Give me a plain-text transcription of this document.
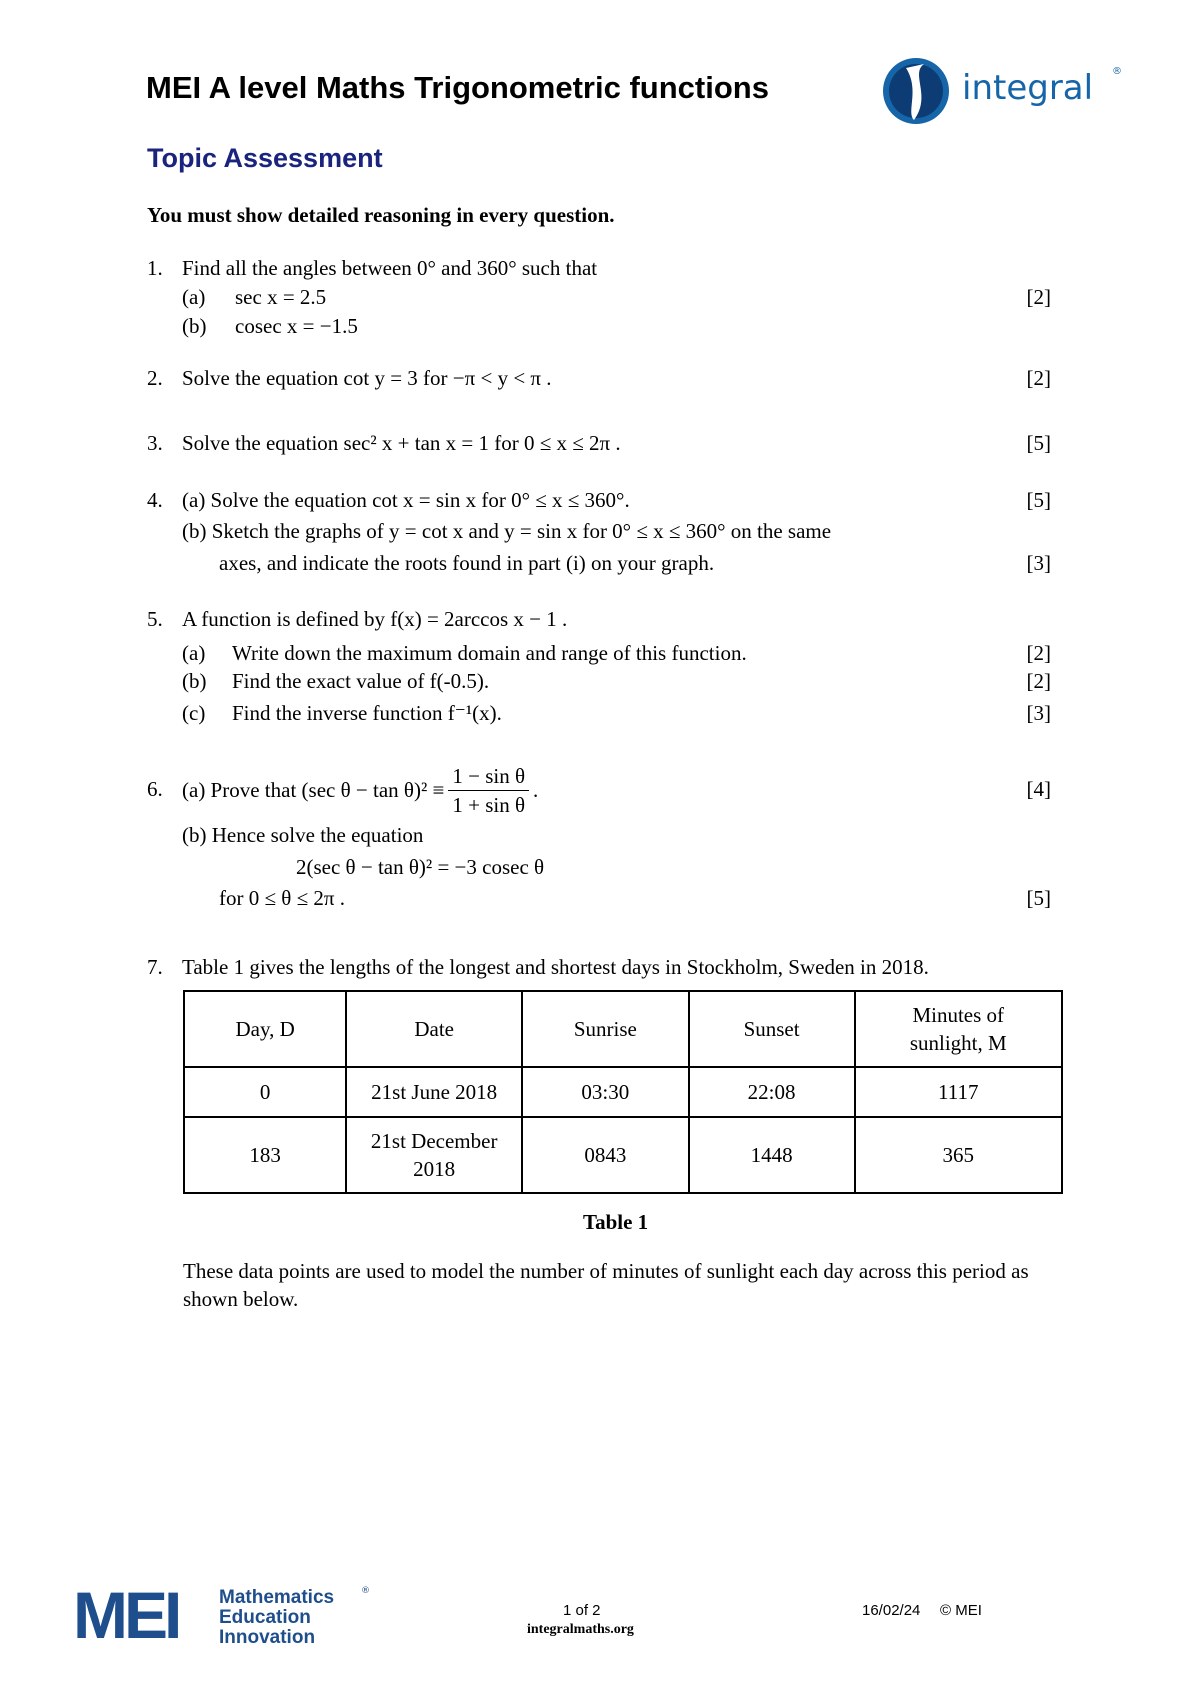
MEI A level Maths Trigonometric functions	integral ®
Topic Assessment
You must show detailed reasoning in every question.
1. Find all the angles between 0° and 360° such that
(a) sec x = 2.5	[2]
(b) cosec x = −1.5
2. Solve the equation cot y = 3 for −π < y < π .	[2]
3. Solve the equation sec² x + tan x = 1 for 0 ≤ x ≤ 2π .	[5]
4. (a) Solve the equation cot x = sin x for 0° ≤ x ≤ 360°.	[5]
(b) Sketch the graphs of y = cot x and y = sin x for 0° ≤ x ≤ 360° on the same
axes, and indicate the roots found in part (i) on your graph.	[3]
5. A function is defined by f(x) = 2arccos x − 1 .
(a) Write down the maximum domain and range of this function.	[2]
(b) Find the exact value of f(-0.5).	[2]
(c) Find the inverse function f⁻¹(x).	[3]
6. (a) Prove that (sec $\theta - \tan \theta)^2 \equiv \frac{\text{1 − sin θ}}{\text{1 + sin θ}}$ .	[4]
(b) Hence solve the equation
2(sec θ − tan θ)² = −3 cosec θ
for 0 ≤ θ ≤ 2π .	[5]
7. Table 1 gives the lengths of the longest and shortest days in Stockholm, Sweden in 2018.
Day, D	Date	Sunrise	Sunset	Minutes of sunlight, M
0	21st June 2018	03:30	22:08	1117
183	21st December 2018	0843	1448	365
Table 1
These data points are used to model the number of minutes of sunlight each day across this period as shown below.
MEI Mathematics	®
Education
Innovation
1 of 2
integralmaths.org
16/02/24 © MEI
